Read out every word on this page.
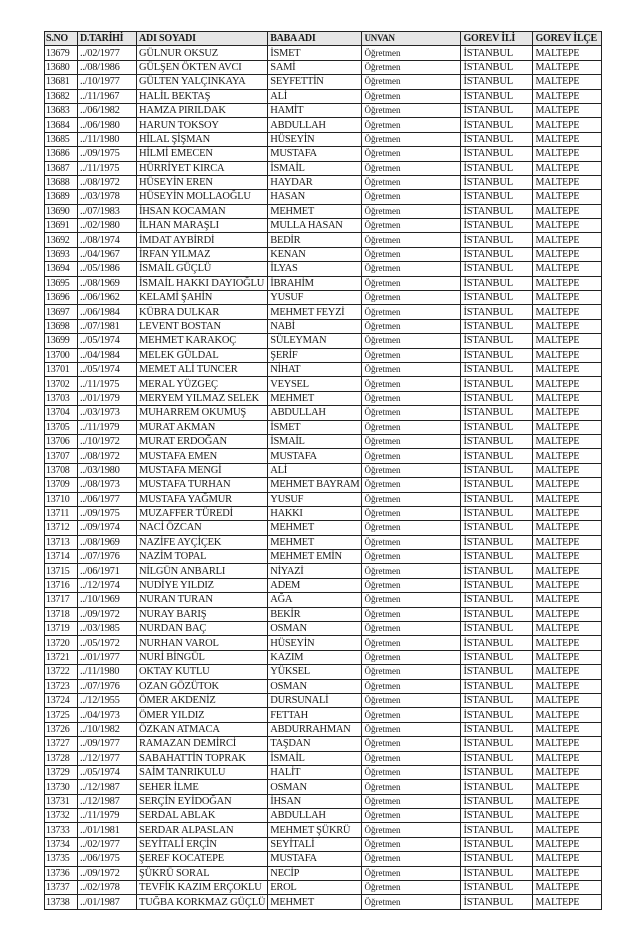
S.NO	D.TARİHİ	ADI SOYADI	BABA ADI	UNVAN	GOREV İLİ	GOREV İLÇE
13679	../02/1977	GÜLNUR OKSUZ	İSMET	Öğretmen	İSTANBUL	MALTEPE
13680	../08/1986	GÜLŞEN ÖKTEN AVCI	SAMİ	Öğretmen	İSTANBUL	MALTEPE
13681	../10/1977	GÜLTEN YALÇINKAYA	SEYFETTİN	Öğretmen	İSTANBUL	MALTEPE
13682	../11/1967	HALİL BEKTAŞ	ALİ	Öğretmen	İSTANBUL	MALTEPE
13683	../06/1982	HAMZA PIRILDAK	HAMİT	Öğretmen	İSTANBUL	MALTEPE
13684	../06/1980	HARUN TOKSOY	ABDULLAH	Öğretmen	İSTANBUL	MALTEPE
13685	../11/1980	HİLAL ŞİŞMAN	HÜSEYİN	Öğretmen	İSTANBUL	MALTEPE
13686	../09/1975	HİLMİ EMECEN	MUSTAFA	Öğretmen	İSTANBUL	MALTEPE
13687	../11/1975	HÜRRİYET KIRCA	İSMAİL	Öğretmen	İSTANBUL	MALTEPE
13688	../08/1972	HÜSEYİN EREN	HAYDAR	Öğretmen	İSTANBUL	MALTEPE
13689	../03/1978	HÜSEYİN MOLLAOĞLU	HASAN	Öğretmen	İSTANBUL	MALTEPE
13690	../07/1983	İHSAN KOCAMAN	MEHMET	Öğretmen	İSTANBUL	MALTEPE
13691	../02/1980	İLHAN MARAŞLI	MULLA HASAN	Öğretmen	İSTANBUL	MALTEPE
13692	../08/1974	İMDAT AYBİRDİ	BEDİR	Öğretmen	İSTANBUL	MALTEPE
13693	../04/1967	İRFAN YILMAZ	KENAN	Öğretmen	İSTANBUL	MALTEPE
13694	../05/1986	İSMAİL GÜÇLÜ	İLYAS	Öğretmen	İSTANBUL	MALTEPE
13695	../08/1969	İSMAİL HAKKI DAYIOĞLU	İBRAHİM	Öğretmen	İSTANBUL	MALTEPE
13696	../06/1962	KELAMİ ŞAHİN	YUSUF	Öğretmen	İSTANBUL	MALTEPE
13697	../06/1984	KÜBRA DULKAR	MEHMET FEYZİ	Öğretmen	İSTANBUL	MALTEPE
13698	../07/1981	LEVENT BOSTAN	NABİ	Öğretmen	İSTANBUL	MALTEPE
13699	../05/1974	MEHMET KARAKOÇ	SÜLEYMAN	Öğretmen	İSTANBUL	MALTEPE
13700	../04/1984	MELEK GÜLDAL	ŞERİF	Öğretmen	İSTANBUL	MALTEPE
13701	../05/1974	MEMET ALİ TUNCER	NİHAT	Öğretmen	İSTANBUL	MALTEPE
13702	../11/1975	MERAL YÜZGEÇ	VEYSEL	Öğretmen	İSTANBUL	MALTEPE
13703	../01/1979	MERYEM YILMAZ SELEK	MEHMET	Öğretmen	İSTANBUL	MALTEPE
13704	../03/1973	MUHARREM OKUMUŞ	ABDULLAH	Öğretmen	İSTANBUL	MALTEPE
13705	../11/1979	MURAT AKMAN	İSMET	Öğretmen	İSTANBUL	MALTEPE
13706	../10/1972	MURAT ERDOĞAN	İSMAİL	Öğretmen	İSTANBUL	MALTEPE
13707	../08/1972	MUSTAFA EMEN	MUSTAFA	Öğretmen	İSTANBUL	MALTEPE
13708	../03/1980	MUSTAFA MENGİ	ALİ	Öğretmen	İSTANBUL	MALTEPE
13709	../08/1973	MUSTAFA TURHAN	MEHMET BAYRAM	Öğretmen	İSTANBUL	MALTEPE
13710	../06/1977	MUSTAFA YAĞMUR	YUSUF	Öğretmen	İSTANBUL	MALTEPE
13711	../09/1975	MUZAFFER TÜREDİ	HAKKI	Öğretmen	İSTANBUL	MALTEPE
13712	../09/1974	NACİ ÖZCAN	MEHMET	Öğretmen	İSTANBUL	MALTEPE
13713	../08/1969	NAZİFE AYÇİÇEK	MEHMET	Öğretmen	İSTANBUL	MALTEPE
13714	../07/1976	NAZİM TOPAL	MEHMET EMİN	Öğretmen	İSTANBUL	MALTEPE
13715	../06/1971	NİLGÜN ANBARLI	NİYAZİ	Öğretmen	İSTANBUL	MALTEPE
13716	../12/1974	NUDİYE YILDIZ	ADEM	Öğretmen	İSTANBUL	MALTEPE
13717	../10/1969	NURAN TURAN	AĞA	Öğretmen	İSTANBUL	MALTEPE
13718	../09/1972	NURAY BARIŞ	BEKİR	Öğretmen	İSTANBUL	MALTEPE
13719	../03/1985	NURDAN BAÇ	OSMAN	Öğretmen	İSTANBUL	MALTEPE
13720	../05/1972	NURHAN VAROL	HÜSEYİN	Öğretmen	İSTANBUL	MALTEPE
13721	../01/1977	NURİ BİNGÜL	KAZIM	Öğretmen	İSTANBUL	MALTEPE
13722	../11/1980	OKTAY KUTLU	YÜKSEL	Öğretmen	İSTANBUL	MALTEPE
13723	../07/1976	OZAN GÖZÜTOK	OSMAN	Öğretmen	İSTANBUL	MALTEPE
13724	../12/1955	ÖMER AKDENİZ	DURSUNALİ	Öğretmen	İSTANBUL	MALTEPE
13725	../04/1973	ÖMER YILDIZ	FETTAH	Öğretmen	İSTANBUL	MALTEPE
13726	../10/1982	ÖZKAN ATMACA	ABDURRAHMAN	Öğretmen	İSTANBUL	MALTEPE
13727	../09/1977	RAMAZAN DEMİRCİ	TAŞDAN	Öğretmen	İSTANBUL	MALTEPE
13728	../12/1977	SABAHATTİN TOPRAK	İSMAİL	Öğretmen	İSTANBUL	MALTEPE
13729	../05/1974	SAİM TANRIKULU	HALİT	Öğretmen	İSTANBUL	MALTEPE
13730	../12/1987	SEHER İLME	OSMAN	Öğretmen	İSTANBUL	MALTEPE
13731	../12/1987	SERÇİN EYİDOĞAN	İHSAN	Öğretmen	İSTANBUL	MALTEPE
13732	../11/1979	SERDAL ABLAK	ABDULLAH	Öğretmen	İSTANBUL	MALTEPE
13733	../01/1981	SERDAR ALPASLAN	MEHMET ŞÜKRÜ	Öğretmen	İSTANBUL	MALTEPE
13734	../02/1977	SEYİTALİ ERÇİN	SEYİTALİ	Öğretmen	İSTANBUL	MALTEPE
13735	../06/1975	ŞEREF KOCATEPE	MUSTAFA	Öğretmen	İSTANBUL	MALTEPE
13736	../09/1972	ŞÜKRÜ SORAL	NECİP	Öğretmen	İSTANBUL	MALTEPE
13737	../02/1978	TEVFİK KAZIM ERÇOKLU	EROL	Öğretmen	İSTANBUL	MALTEPE
13738	../01/1987	TUĞBA KORKMAZ GÜÇLÜ	MEHMET	Öğretmen	İSTANBUL	MALTEPE
